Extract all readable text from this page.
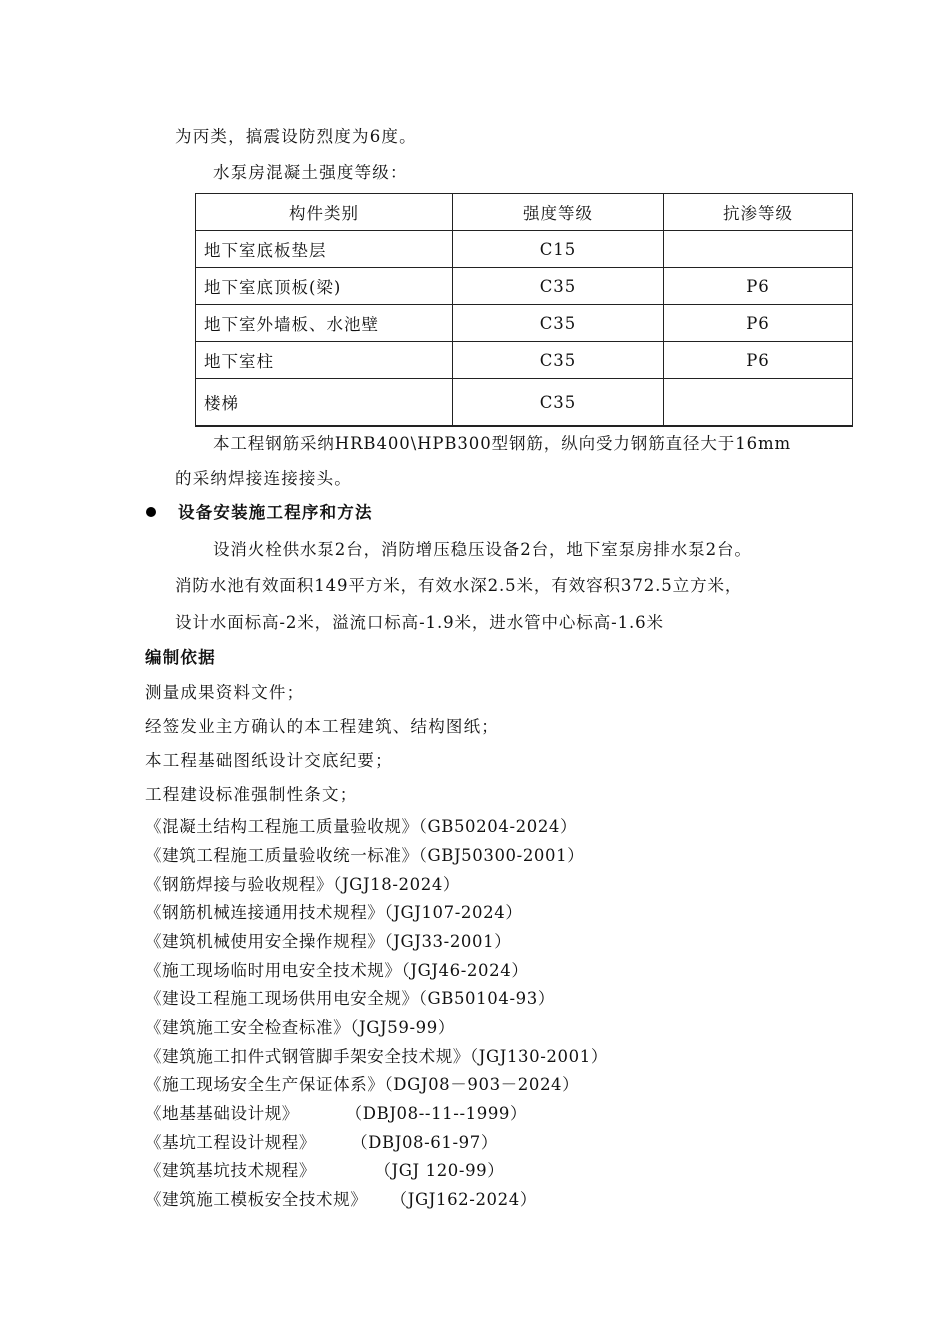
为丙类，搞震设防烈度为6度。
水泵房混凝土强度等级：
构件类别	强度等级	抗渗等级
地下室底板垫层	C15	
地下室底顶板(梁)	C35	P6
地下室外墙板、水池壁	C35	P6
地下室柱	C35	P6
楼梯	C35	
本工程钢筋采纳HRB400\HPB300型钢筋，纵向受力钢筋直径大于16mm
的采纳焊接连接接头。
设备安装施工程序和方法
设消火栓供水泵2台，消防增压稳压设备2台，地下室泵房排水泵2台。
消防水池有效面积149平方米，有效水深2.5米，有效容积372.5立方米，
设计水面标高-2米，溢流口标高-1.9米，进水管中心标高-1.6米
编制依据
测量成果资料文件；
经签发业主方确认的本工程建筑、结构图纸；
本工程基础图纸设计交底纪要；
工程建设标准强制性条文；
《混凝土结构工程施工质量验收规》（GB50204-2024）
《建筑工程施工质量验收统一标准》（GBJ50300-2001）
《钢筋焊接与验收规程》（JGJ18-2024）
《钢筋机械连接通用技术规程》（JGJ107-2024）
《建筑机械使用安全操作规程》（JGJ33-2001）
《施工现场临时用电安全技术规》（JGJ46-2024）
《建设工程施工现场供用电安全规》（GB50104-93）
《建筑施工安全检查标准》（JGJ59-99）
《建筑施工扣件式钢管脚手架安全技术规》（JGJ130-2001）
《施工现场安全生产保证体系》（DGJ08－903－2024）
《地基基础设计规》        （DBJ08--11--1999）
《基坑工程设计规程》      （DBJ08-61-97）
《建筑基坑技术规程》          （JGJ 120-99）
《建筑施工模板安全技术规》    （JGJ162-2024）
